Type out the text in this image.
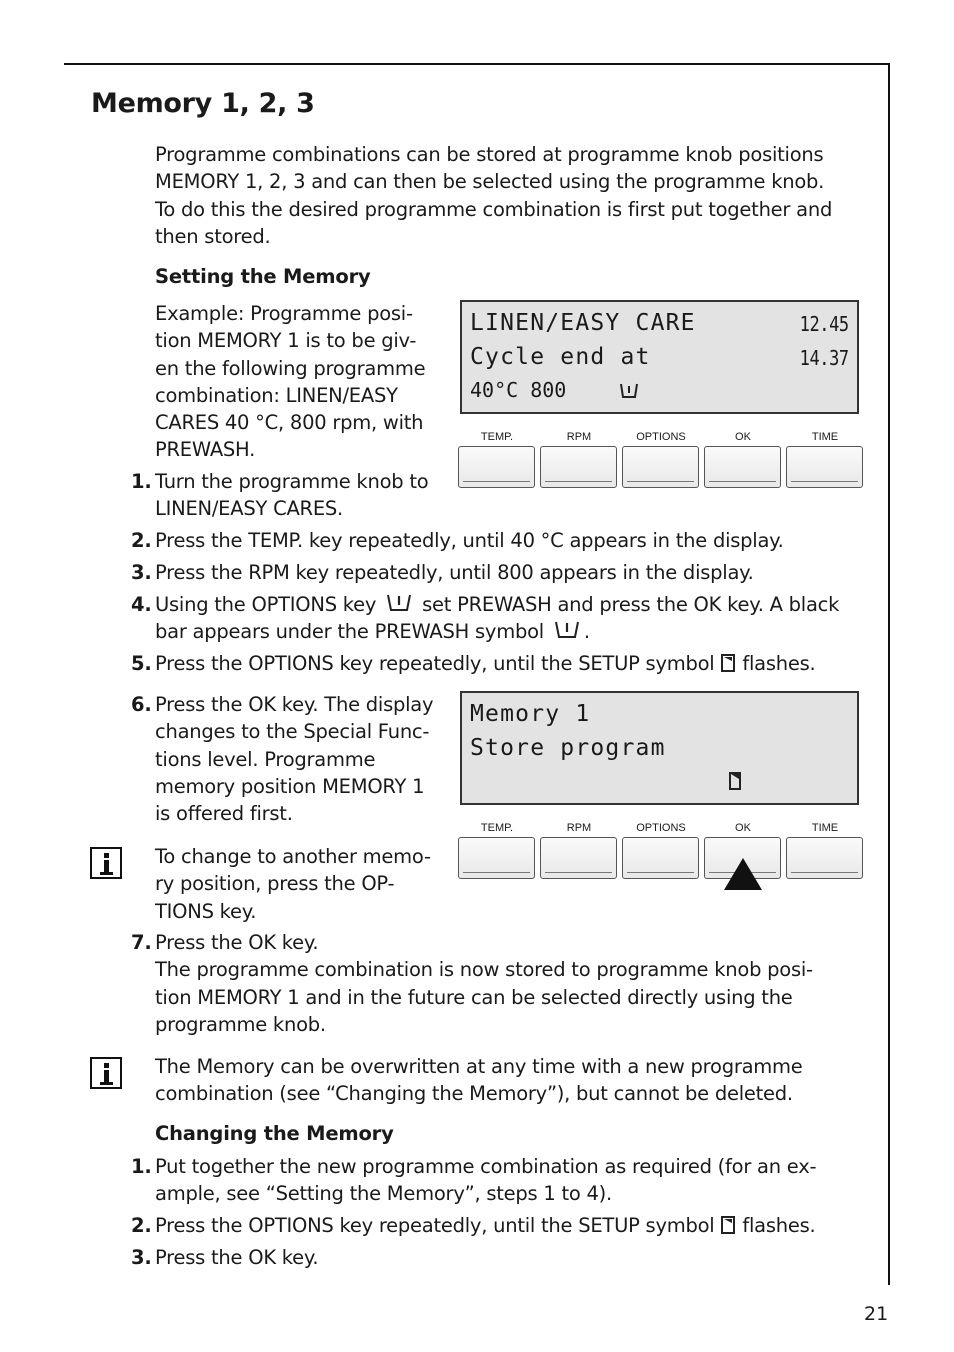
Memory 1, 2, 3

Programme combinations can be stored at programme knob positions

MEMORY 1, 2, 3 and can then be selected using the programme knob.

To do this the desired programme combination is first put together and

then stored.

Setting the Memory

Example: Programme posi-

tion MEMORY 1 is to be giv-

en the following programme

combination: LINEN/EASY

CARES 40 °C, 800 rpm, with

PREWASH.

LINEN/EASY CARE	12.45
Cycle end at	14.37
40°C 800
TEMP.	RPM	OPTIONS	OK	TIME
1. Turn the programme knob to

LINEN/EASY CARES.

2. Press the TEMP. key repeatedly, until 40 °C appears in the display.

3. Press the RPM key repeatedly, until 800 appears in the display.

4. Using the OPTIONS key set PREWASH and press the OK key. A black

bar appears under the PREWASH symbol .

5. Press the OPTIONS key repeatedly, until the SETUP symbol flashes.

6. Press the OK key. The display

changes to the Special Func-

tions level. Programme

memory position MEMORY 1

is offered first.

Memory 1
Store program
TEMP.	RPM	OPTIONS	OK	TIME

To change to another memo-

ry position, press the OP-

TIONS key.

7. Press the OK key.

The programme combination is now stored to programme knob posi-

tion MEMORY 1 and in the future can be selected directly using the

programme knob.

The Memory can be overwritten at any time with a new programme

combination (see “Changing the Memory”), but cannot be deleted.

Changing the Memory
1. Put together the new programme combination as required (for an ex-

ample, see “Setting the Memory”, steps 1 to 4).

2. Press the OPTIONS key repeatedly, until the SETUP symbol flashes.

3. Press the OK key.

21
